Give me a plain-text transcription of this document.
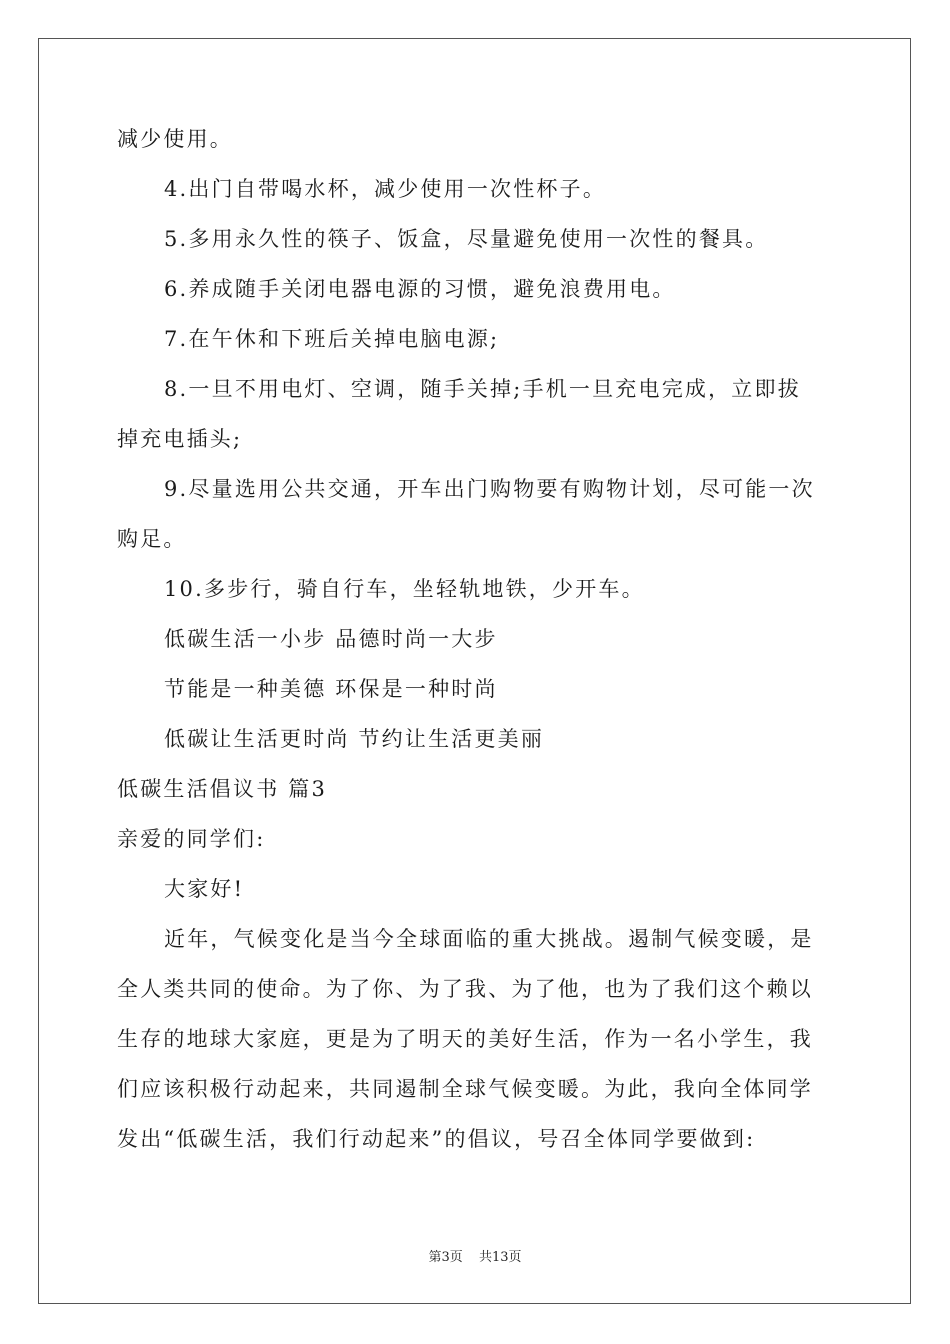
减少使用。
4.出门自带喝水杯，减少使用一次性杯子。
5.多用永久性的筷子、饭盒，尽量避免使用一次性的餐具。
6.养成随手关闭电器电源的习惯，避免浪费用电。
7.在午休和下班后关掉电脑电源;
8.一旦不用电灯、空调，随手关掉;手机一旦充电完成，立即拔
掉充电插头;
9.尽量选用公共交通，开车出门购物要有购物计划，尽可能一次
购足。
10.多步行，骑自行车，坐轻轨地铁，少开车。
低碳生活一小步 品德时尚一大步
节能是一种美德 环保是一种时尚
低碳让生活更时尚 节约让生活更美丽
低碳生活倡议书 篇3
亲爱的同学们:
大家好!
近年，气候变化是当今全球面临的重大挑战。遏制气候变暖，是
全人类共同的使命。为了你、为了我、为了他，也为了我们这个赖以
生存的地球大家庭，更是为了明天的美好生活，作为一名小学生，我
们应该积极行动起来，共同遏制全球气候变暖。为此，我向全体同学
发出“低碳生活，我们行动起来”的倡议，号召全体同学要做到:
第3页 共13页
